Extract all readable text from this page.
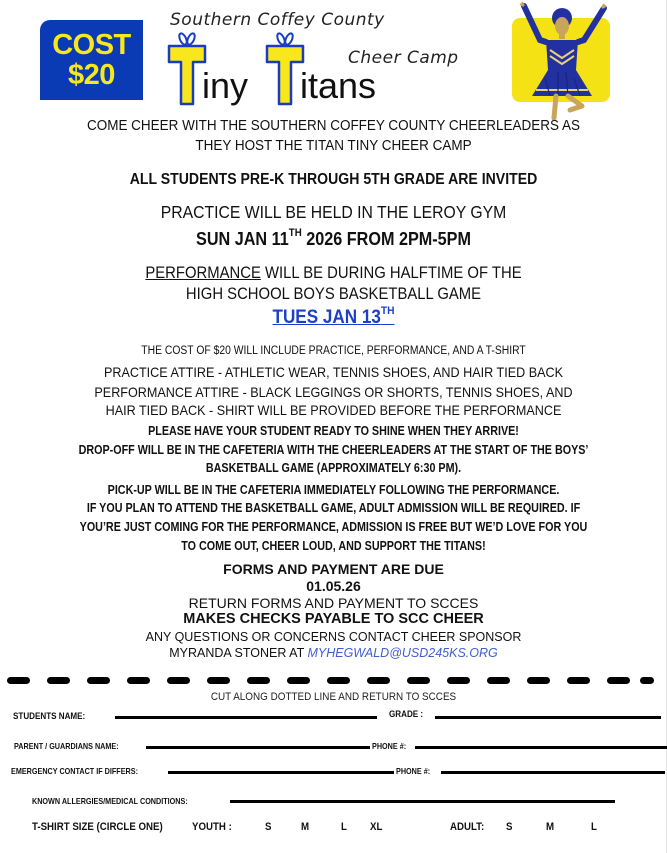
COST
$20
Southern Coffey County
Cheer Camp
iny itans
COME CHEER WITH THE SOUTHERN COFFEY COUNTY CHEERLEADERS AS
THEY HOST THE TITAN TINY CHEER CAMP
ALL STUDENTS PRE-K THROUGH 5TH GRADE ARE INVITED
PRACTICE WILL BE HELD IN THE LEROY GYM
SUN JAN 11TH 2026 FROM 2PM-5PM
PERFORMANCE WILL BE DURING HALFTIME OF THE
HIGH SCHOOL BOYS BASKETBALL GAME
TUES JAN 13TH
THE COST OF $20 WILL INCLUDE PRACTICE, PERFORMANCE, AND A T-SHIRT
PRACTICE ATTIRE - ATHLETIC WEAR, TENNIS SHOES, AND HAIR TIED BACK
PERFORMANCE ATTIRE - BLACK LEGGINGS OR SHORTS, TENNIS SHOES, AND
HAIR TIED BACK - SHIRT WILL BE PROVIDED BEFORE THE PERFORMANCE
PLEASE HAVE YOUR STUDENT READY TO SHINE WHEN THEY ARRIVE!
DROP-OFF WILL BE IN THE CAFETERIA WITH THE CHEERLEADERS AT THE START OF THE BOYS’
BASKETBALL GAME (APPROXIMATELY 6:30 PM).
PICK-UP WILL BE IN THE CAFETERIA IMMEDIATELY FOLLOWING THE PERFORMANCE.
IF YOU PLAN TO ATTEND THE BASKETBALL GAME, ADULT ADMISSION WILL BE REQUIRED. IF
YOU’RE JUST COMING FOR THE PERFORMANCE, ADMISSION IS FREE BUT WE’D LOVE FOR YOU
TO COME OUT, CHEER LOUD, AND SUPPORT THE TITANS!
FORMS AND PAYMENT ARE DUE
01.05.26
RETURN FORMS AND PAYMENT TO SCCES
MAKES CHECKS PAYABLE TO SCC CHEER
ANY QUESTIONS OR CONCERNS CONTACT CHEER SPONSOR
MYRANDA STONER AT MYHEGWALD@USD245KS.ORG
CUT ALONG DOTTED LINE AND RETURN TO SCCES
STUDENTS NAME:	GRADE :
PARENT / GUARDIANS NAME:	PHONE #:
EMERGENCY CONTACT IF DIFFERS:	PHONE #:
KNOWN ALLERGIES/MEDICAL CONDITIONS:
T-SHIRT SIZE (CIRCLE ONE)	YOUTH :	S	M	L XL	ADULT: S	M	L
